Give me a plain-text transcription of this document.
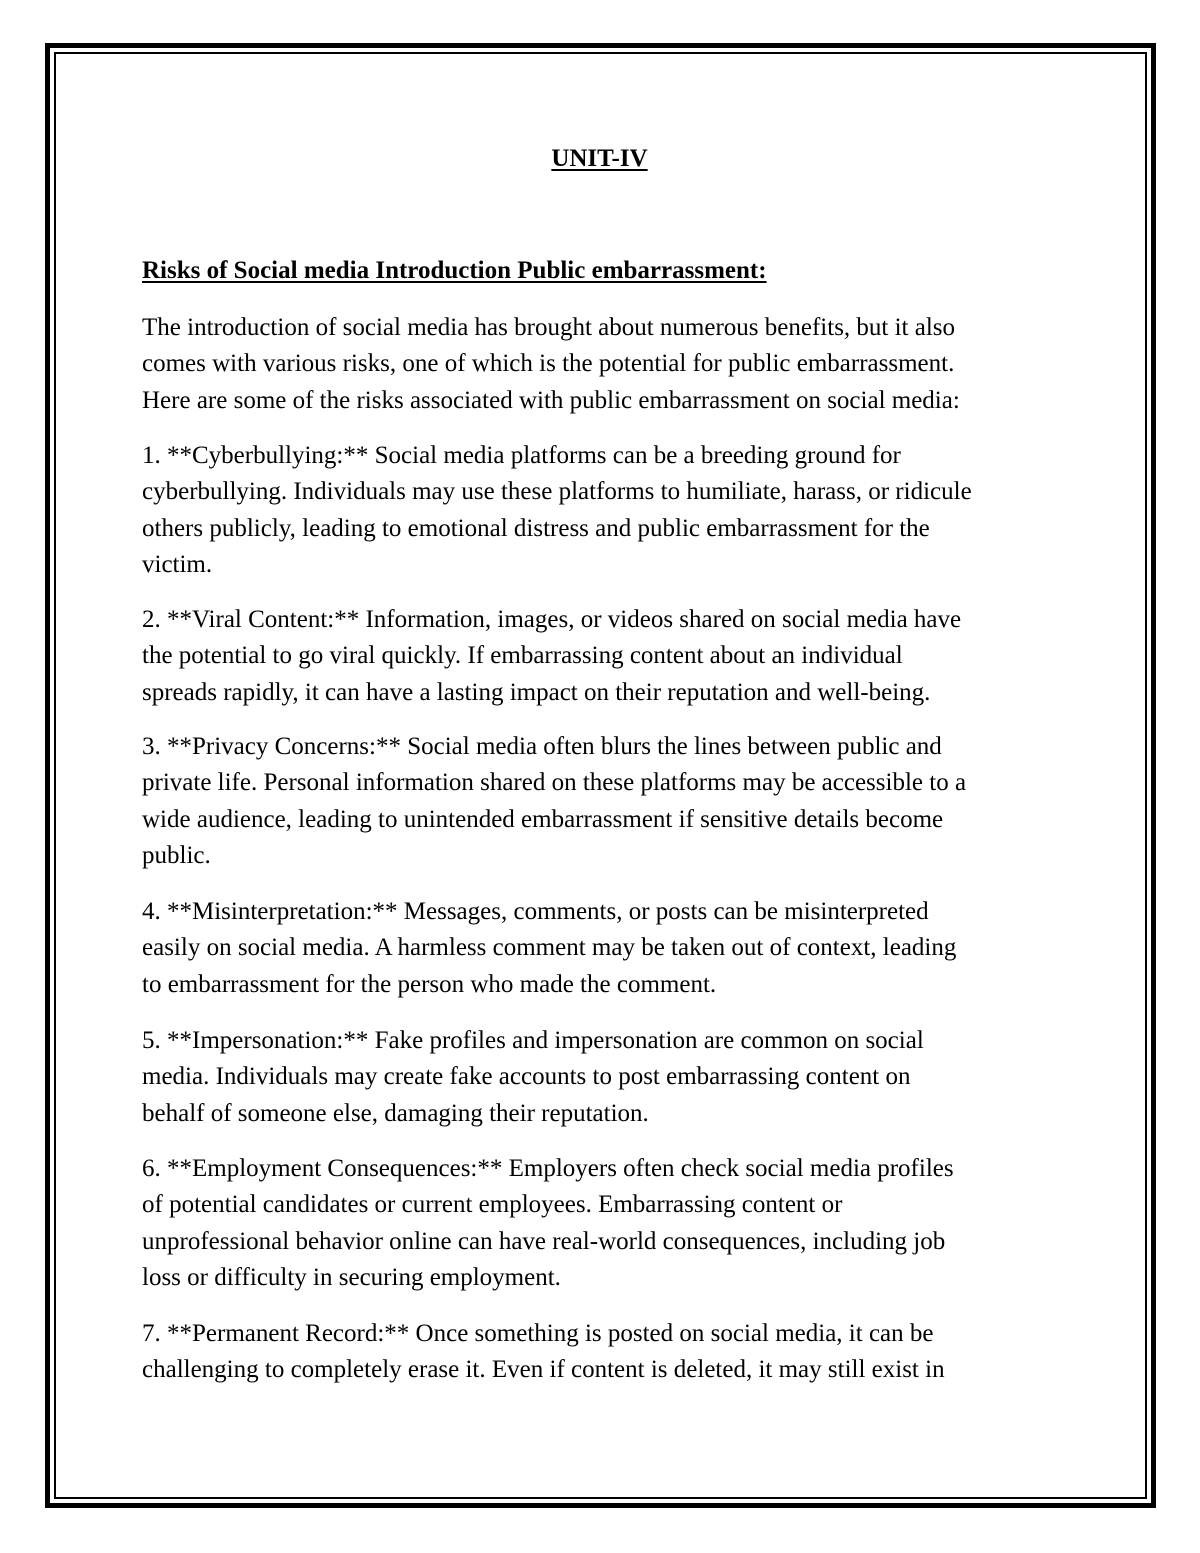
UNIT-IV
Risks of Social media Introduction Public embarrassment:

The introduction of social media has brought about numerous benefits, but it also
comes with various risks, one of which is the potential for public embarrassment.
Here are some of the risks associated with public embarrassment on social media:

1. **Cyberbullying:** Social media platforms can be a breeding ground for
cyberbullying. Individuals may use these platforms to humiliate, harass, or ridicule
others publicly, leading to emotional distress and public embarrassment for the
victim.

2. **Viral Content:** Information, images, or videos shared on social media have
the potential to go viral quickly. If embarrassing content about an individual
spreads rapidly, it can have a lasting impact on their reputation and well-being.

3. **Privacy Concerns:** Social media often blurs the lines between public and
private life. Personal information shared on these platforms may be accessible to a
wide audience, leading to unintended embarrassment if sensitive details become
public.

4. **Misinterpretation:** Messages, comments, or posts can be misinterpreted
easily on social media. A harmless comment may be taken out of context, leading
to embarrassment for the person who made the comment.

5. **Impersonation:** Fake profiles and impersonation are common on social
media. Individuals may create fake accounts to post embarrassing content on
behalf of someone else, damaging their reputation.

6. **Employment Consequences:** Employers often check social media profiles
of potential candidates or current employees. Embarrassing content or
unprofessional behavior online can have real-world consequences, including job
loss or difficulty in securing employment.

7. **Permanent Record:** Once something is posted on social media, it can be
challenging to completely erase it. Even if content is deleted, it may still exist in
